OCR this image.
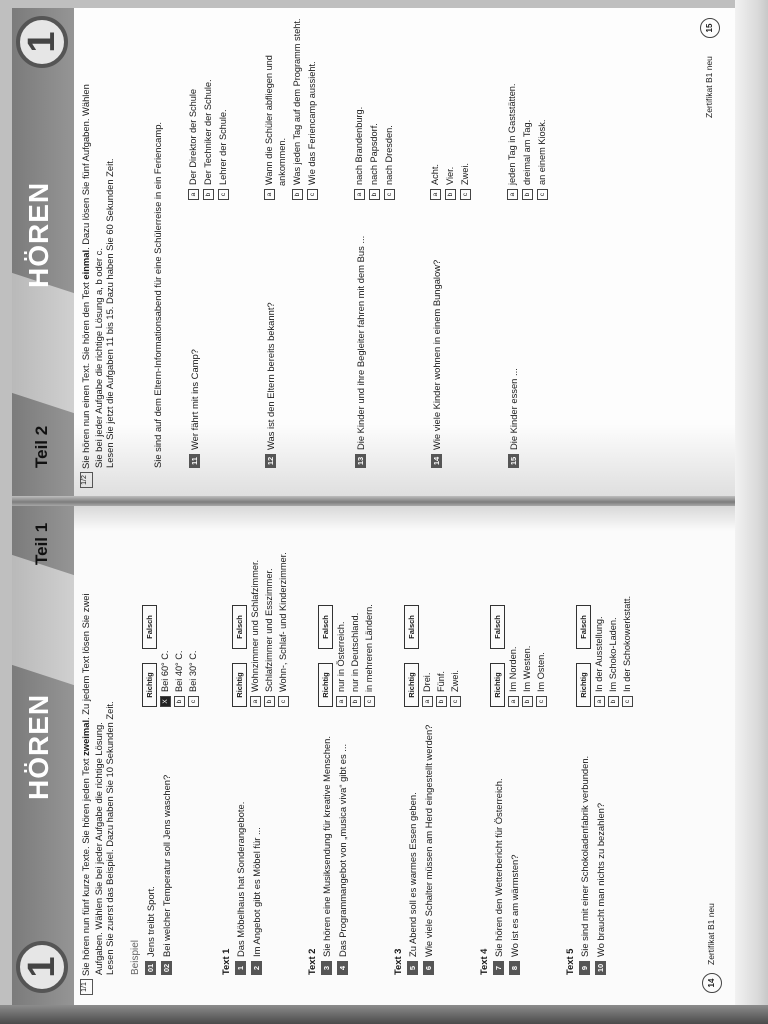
Teil 2
HÖREN
1
1/2Sie hören nun einen Text. Sie hören den Text einmal. Dazu lösen Sie fünf Aufgaben. Wählen
Sie bei jeder Aufgabe die richtige Lösung a, b oder c.
Lesen Sie jetzt die Aufgaben 11 bis 15. Dazu haben Sie 60 Sekunden Zeit.	Sie sind auf dem Eltern-Informationsabend für eine Schülerreise in ein Feriencamp.	11Wer fährt mit ins Camp?
aDer Direktor der Schule
bDer Techniker der Schule.
cLehrer der Schule.
12Was ist den Eltern bereits bekannt?
aWann die Schüler abfliegen und ankommen.
bWas jeden Tag auf dem Programm steht.
cWie das Feriencamp aussieht.
13Die Kinder und ihre Begleiter fahren mit dem Bus ...
anach Brandenburg.
bnach Papsdorf.
cnach Dresden.
14Wie viele Kinder wohnen in einem Bungalow?
aAcht.
bVier.
cZwei.
15Die Kinder essen ...
ajeden Tag in Gaststätten.
bdreimal am Tag.
can einem Kiosk.
Zertifikat B1 neu
15
1
HÖREN
Teil 1
1/1Sie hören nun fünf kurze Texte. Sie hören jeden Text zweimal. Zu jedem Text lösen Sie zwei
Aufgaben. Wählen Sie bei jeder Aufgabe die richtige Lösung.
Lesen Sie zuerst das Beispiel. Dazu haben Sie 10 Sekunden Zeit. Beispiel 01Jens treibt Sport.
Richtig
Falsch
02Bei welcher Temperatur soll Jens waschen?
XBei 60° C.
bBei 40° C.
cBei 30° C.
Text 1 1Das Möbelhaus hat Sonderangebote.
Richtig
Falsch
2Im Angebot gibt es Möbel für ...
aWohnzimmer und Schlafzimmer.
bSchlafzimmer und Esszimmer.
cWohn-, Schlaf- und Kinderzimmer.
Text 2 3Sie hören eine Musiksendung für kreative Menschen.
Richtig
Falsch
4Das Programmangebot von „musica viva“ gibt es ...
anur in Österreich.
bnur in Deutschland.
cin mehreren Ländern.
Text 3 5Zu Abend soll es warmes Essen geben.
Richtig
Falsch
6Wie viele Schalter müssen am Herd eingestellt werden?
aDrei.
bFünf.
cZwei.
Text 4 7Sie hören den Wetterbericht für Österreich.
Richtig
Falsch
8Wo ist es am wärmsten?
aIm Norden.
bIm Westen.
cIm Osten.
Text 5 9Sie sind mit einer Schokoladenfabrik verbunden.
Richtig
Falsch
10Wo braucht man nichts zu bezahlen?
aIn der Ausstellung.
bIm Schoko-Laden.
cIn der Schokowerkstatt.
14
Zertifikat B1 neu
